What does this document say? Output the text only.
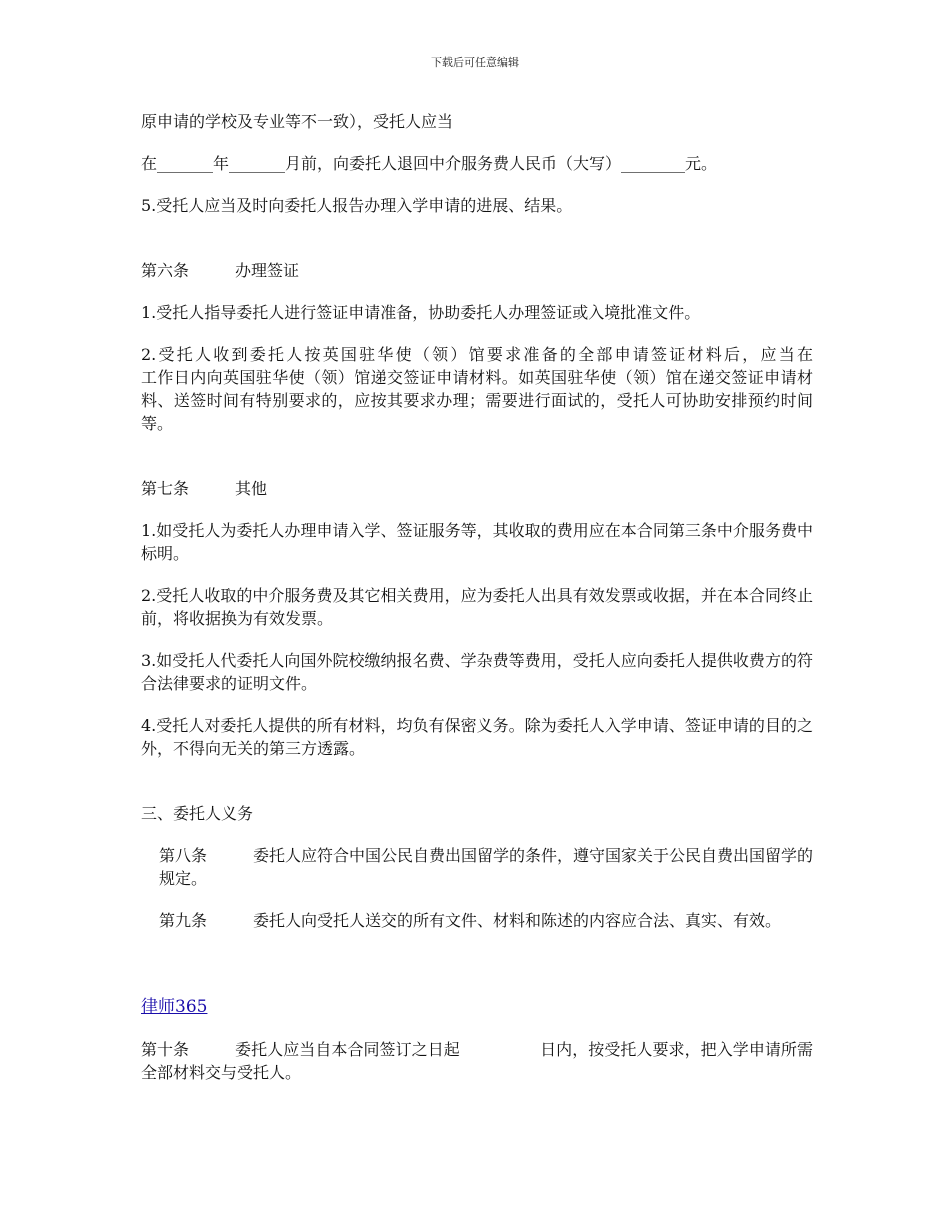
下载后可任意编辑

原申请的学校及专业等不一致），受托人应当

在_______年_______月前，向委托人退回中介服务费人民币（大写）________元。

5.受托人应当及时向委托人报告办理入学申请的进展、结果。

第六条	办理签证

1.受托人指导委托人进行签证申请准备，协助委托人办理签证或入境批准文件。

2.受托人收到委托人按英国驻华使（领）馆要求准备的全部申请签证材料后，应当在　　　　　工作日内向英国驻华使（领）馆递交签证申请材料。如英国驻华使（领）馆在递交签证申请材料、送签时间有特别要求的，应按其要求办理；需要进行面试的，受托人可协助安排预约时间等。

第七条	其他

1.如受托人为委托人办理申请入学、签证服务等，其收取的费用应在本合同第三条中介服务费中标明。

2.受托人收取的中介服务费及其它相关费用，应为委托人出具有效发票或收据，并在本合同终止前，将收据换为有效发票。

3.如受托人代委托人向国外院校缴纳报名费、学杂费等费用，受托人应向委托人提供收费方的符合法律要求的证明文件。

4.受托人对委托人提供的所有材料，均负有保密义务。除为委托人入学申请、签证申请的目的之外，不得向无关的第三方透露。

三、委托人义务

第八条	委托人应符合中国公民自费出国留学的条件，遵守国家关于公民自费出国留学的规定。

第九条	委托人向受托人送交的所有文件、材料和陈述的内容应合法、真实、有效。

律师365

第十条	委托人应当自本合同签订之日起　　　　　日内，按受托人要求，把入学申请所需全部材料交与受托人。
